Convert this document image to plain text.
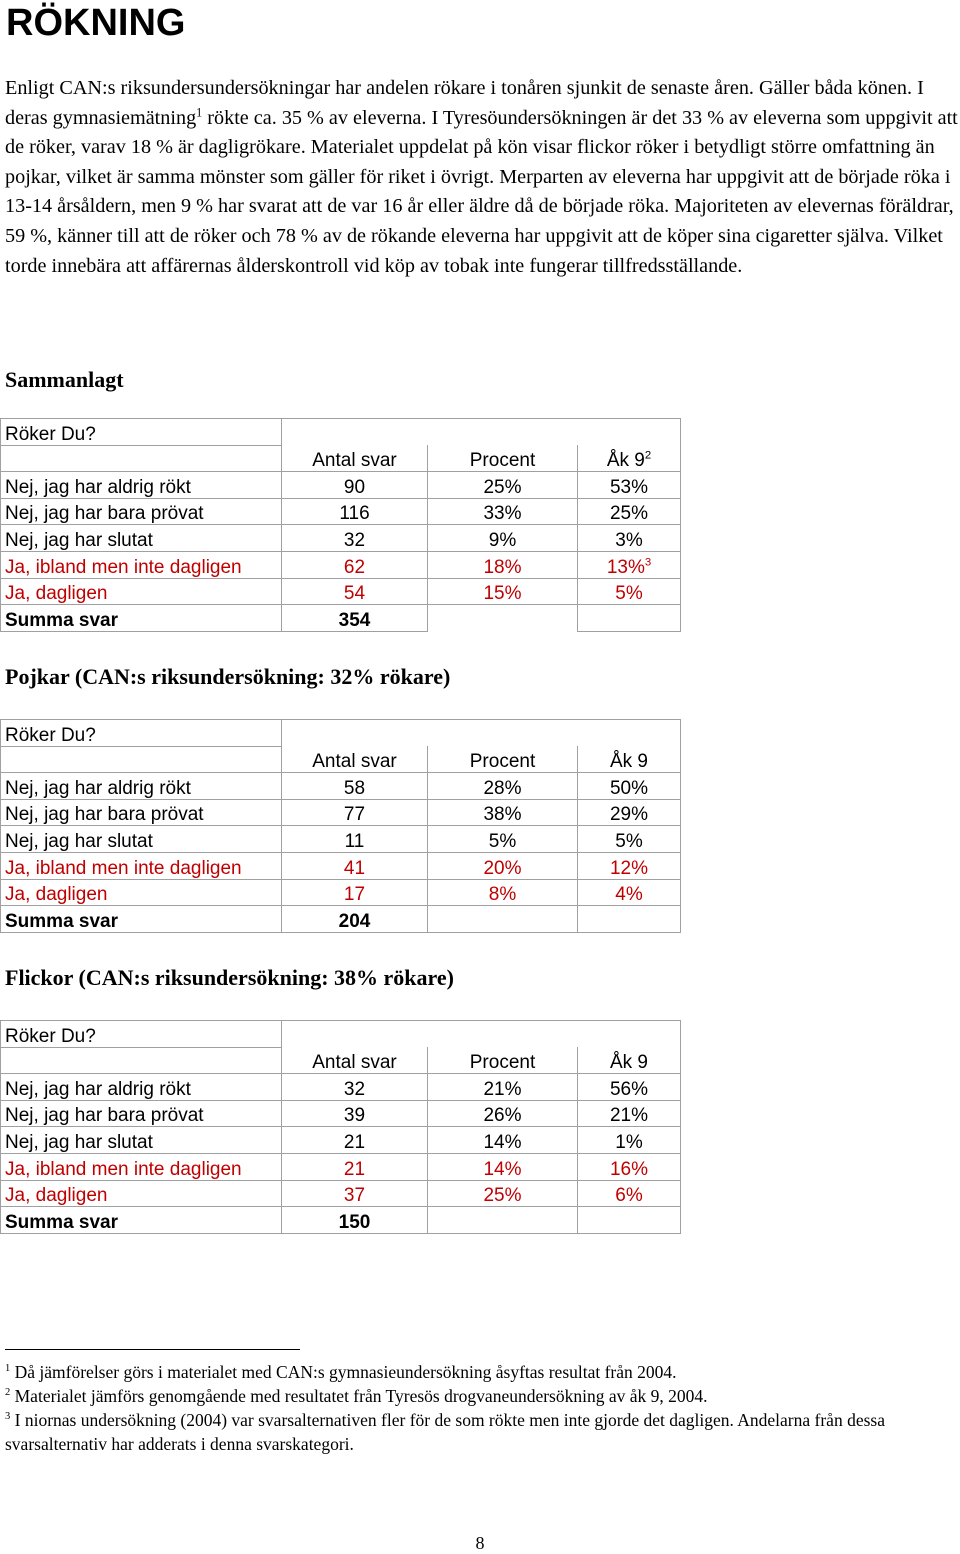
RÖKNING

Enligt CAN:s riksundersundersökningar har andelen rökare i tonåren sjunkit de senaste åren. Gäller båda könen. I deras gymnasiemätning$^1$ rökte ca. 35 % av eleverna. I Tyresöundersökningen är det 33 % av eleverna som uppgivit att de röker, varav 18 % är dagligrökare. Materialet uppdelat på kön visar flickor röker i betydligt större omfattning än pojkar, vilket är samma mönster som gäller för riket i övrigt. Merparten av eleverna har uppgivit att de började röka i 13-14 årsåldern, men 9 % har svarat att de var 16 år eller äldre då de började röka. Majoriteten av elevernas föräldrar, 59 %, känner till att de röker och 78 % av de rökande eleverna har uppgivit att de köper sina cigaretter själva. Vilket torde innebära att affärernas ålderskontroll vid köp av tobak inte fungerar tillfredsställande.

Sammanlagt
Röker Du?			
	Antal svar	Procent	Åk $9^2$
Nej, jag har aldrig rökt	90	25%	53%
Nej, jag har bara prövat	116	33%	25%
Nej, jag har slutat	32	9%	3%
Ja, ibland men inte dagligen	62	18%	13%$^3$
Ja, dagligen	54	15%	5%
Summa svar	354		
Pojkar (CAN:s riksundersökning: 32% rökare)
Röker Du?			
	Antal svar	Procent	Åk 9
Nej, jag har aldrig rökt	58	28%	50%
Nej, jag har bara prövat	77	38%	29%
Nej, jag har slutat	11	5%	5%
Ja, ibland men inte dagligen	41	20%	12%
Ja, dagligen	17	8%	4%
Summa svar	204		
Flickor (CAN:s riksundersökning: 38% rökare)
Röker Du?			
	Antal svar	Procent	Åk 9
Nej, jag har aldrig rökt	32	21%	56%
Nej, jag har bara prövat	39	26%	21%
Nej, jag har slutat	21	14%	1%
Ja, ibland men inte dagligen	21	14%	16%
Ja, dagligen	37	25%	6%
Summa svar	150		
$^1$ Då jämförelser görs i materialet med CAN:s gymnasieundersökning åsyftas resultat från 2004.
$^2$ Materialet jämförs genomgående med resultatet från Tyresös drogvaneundersökning av åk 9, 2004.
$^3$ I niornas undersökning (2004) var svarsalternativen fler för de som rökte men inte gjorde det dagligen. Andelarna från dessa svarsalternativ har adderats i denna svarskategori.
8
